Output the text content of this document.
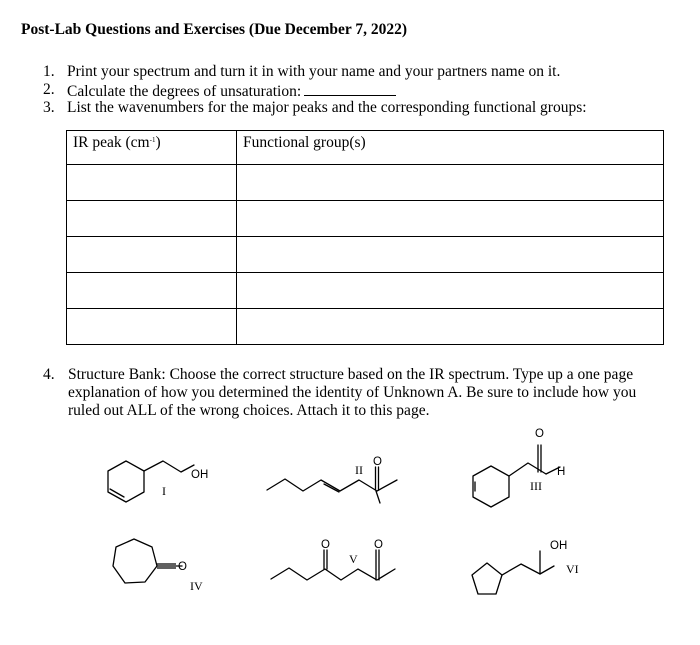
Post-Lab Questions and Exercises (Due December 7, 2022)
1. Print your spectrum and turn it in with your name and your partners name on it.
2. Calculate the degrees of unsaturation:
3. List the wavenumbers for the major peaks and the corresponding functional groups:
IR peak $(cm^{-1})$	Functional group(s)

4. Structure Bank: Choose the correct structure based on the IR spectrum. Type up a one page explanation of how you determined the identity of Unknown A. Be sure to include how you ruled out ALL of the wrong choices. Attach it to this page.
OH
I
O
II
O
H
III
O
IV
O	O
V
OH
VI
